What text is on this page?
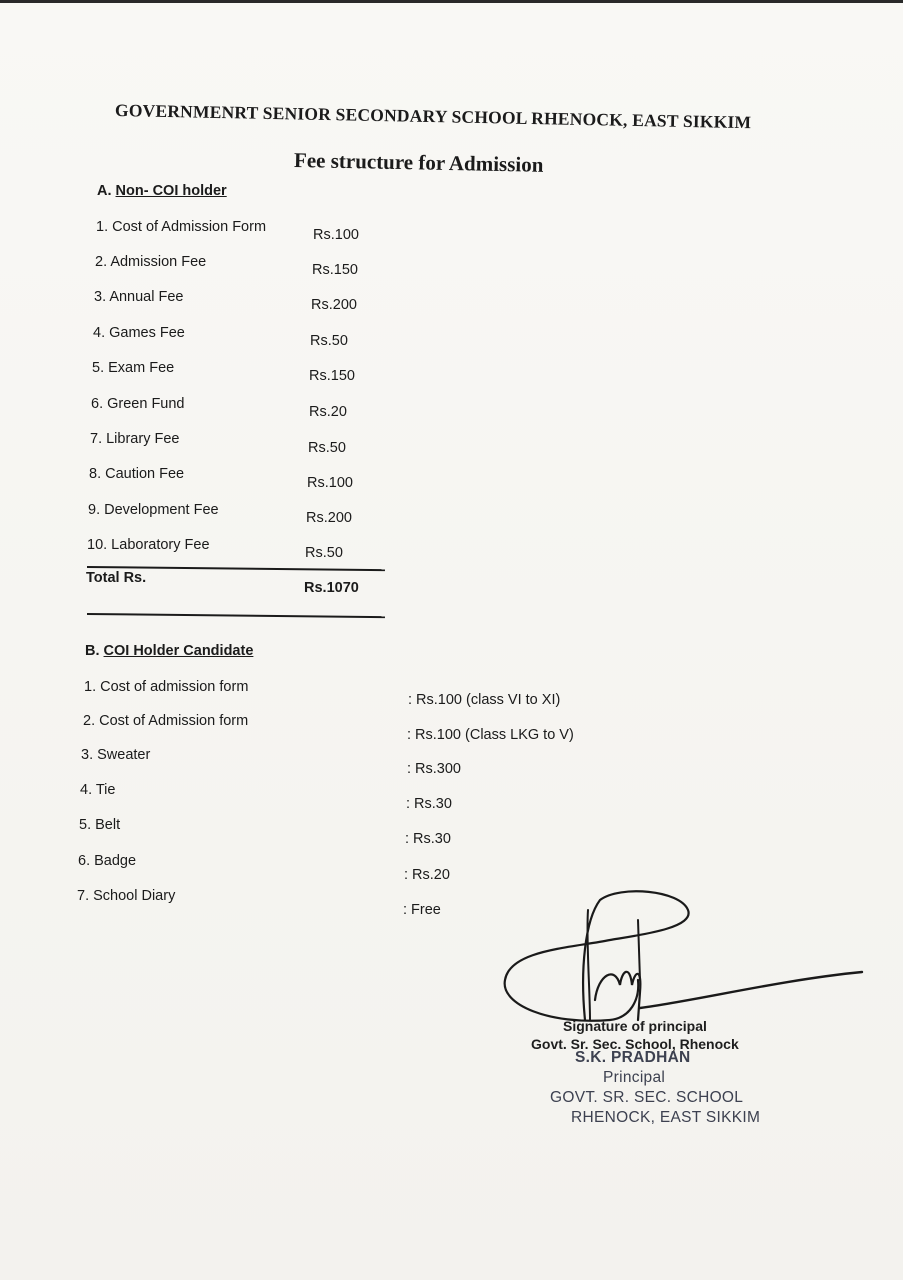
GOVERNMENRT SENIOR SECONDARY SCHOOL RHENOCK, EAST SIKKIM
Fee structure for Admission
A. Non- COI holder
1. Cost of Admission Form	Rs.100
2. Admission Fee	Rs.150
3. Annual Fee	Rs.200
4. Games Fee	Rs.50
5. Exam Fee	Rs.150
6. Green Fund	Rs.20
7. Library Fee
Rs.50
8. Caution Fee
Rs.100
9. Development Fee	Rs.200
10. Laboratory Fee	Rs.50
Total Rs.
Rs.1070
B. COI Holder Candidate
1. Cost of admission form
: Rs.100 (class VI to XI)
2. Cost of Admission form
: Rs.100 (Class LKG to V)
3. Sweater
: Rs.300
4. Tie
: Rs.30
5. Belt
: Rs.30
6. Badge
: Rs.20
7. School Diary
: Free
Signature of principal
Govt. Sr. Sec. School, Rhenock
S.K. PRADHAN
Principal
GOVT. SR. SEC. SCHOOL
RHENOCK, EAST SIKKIM
